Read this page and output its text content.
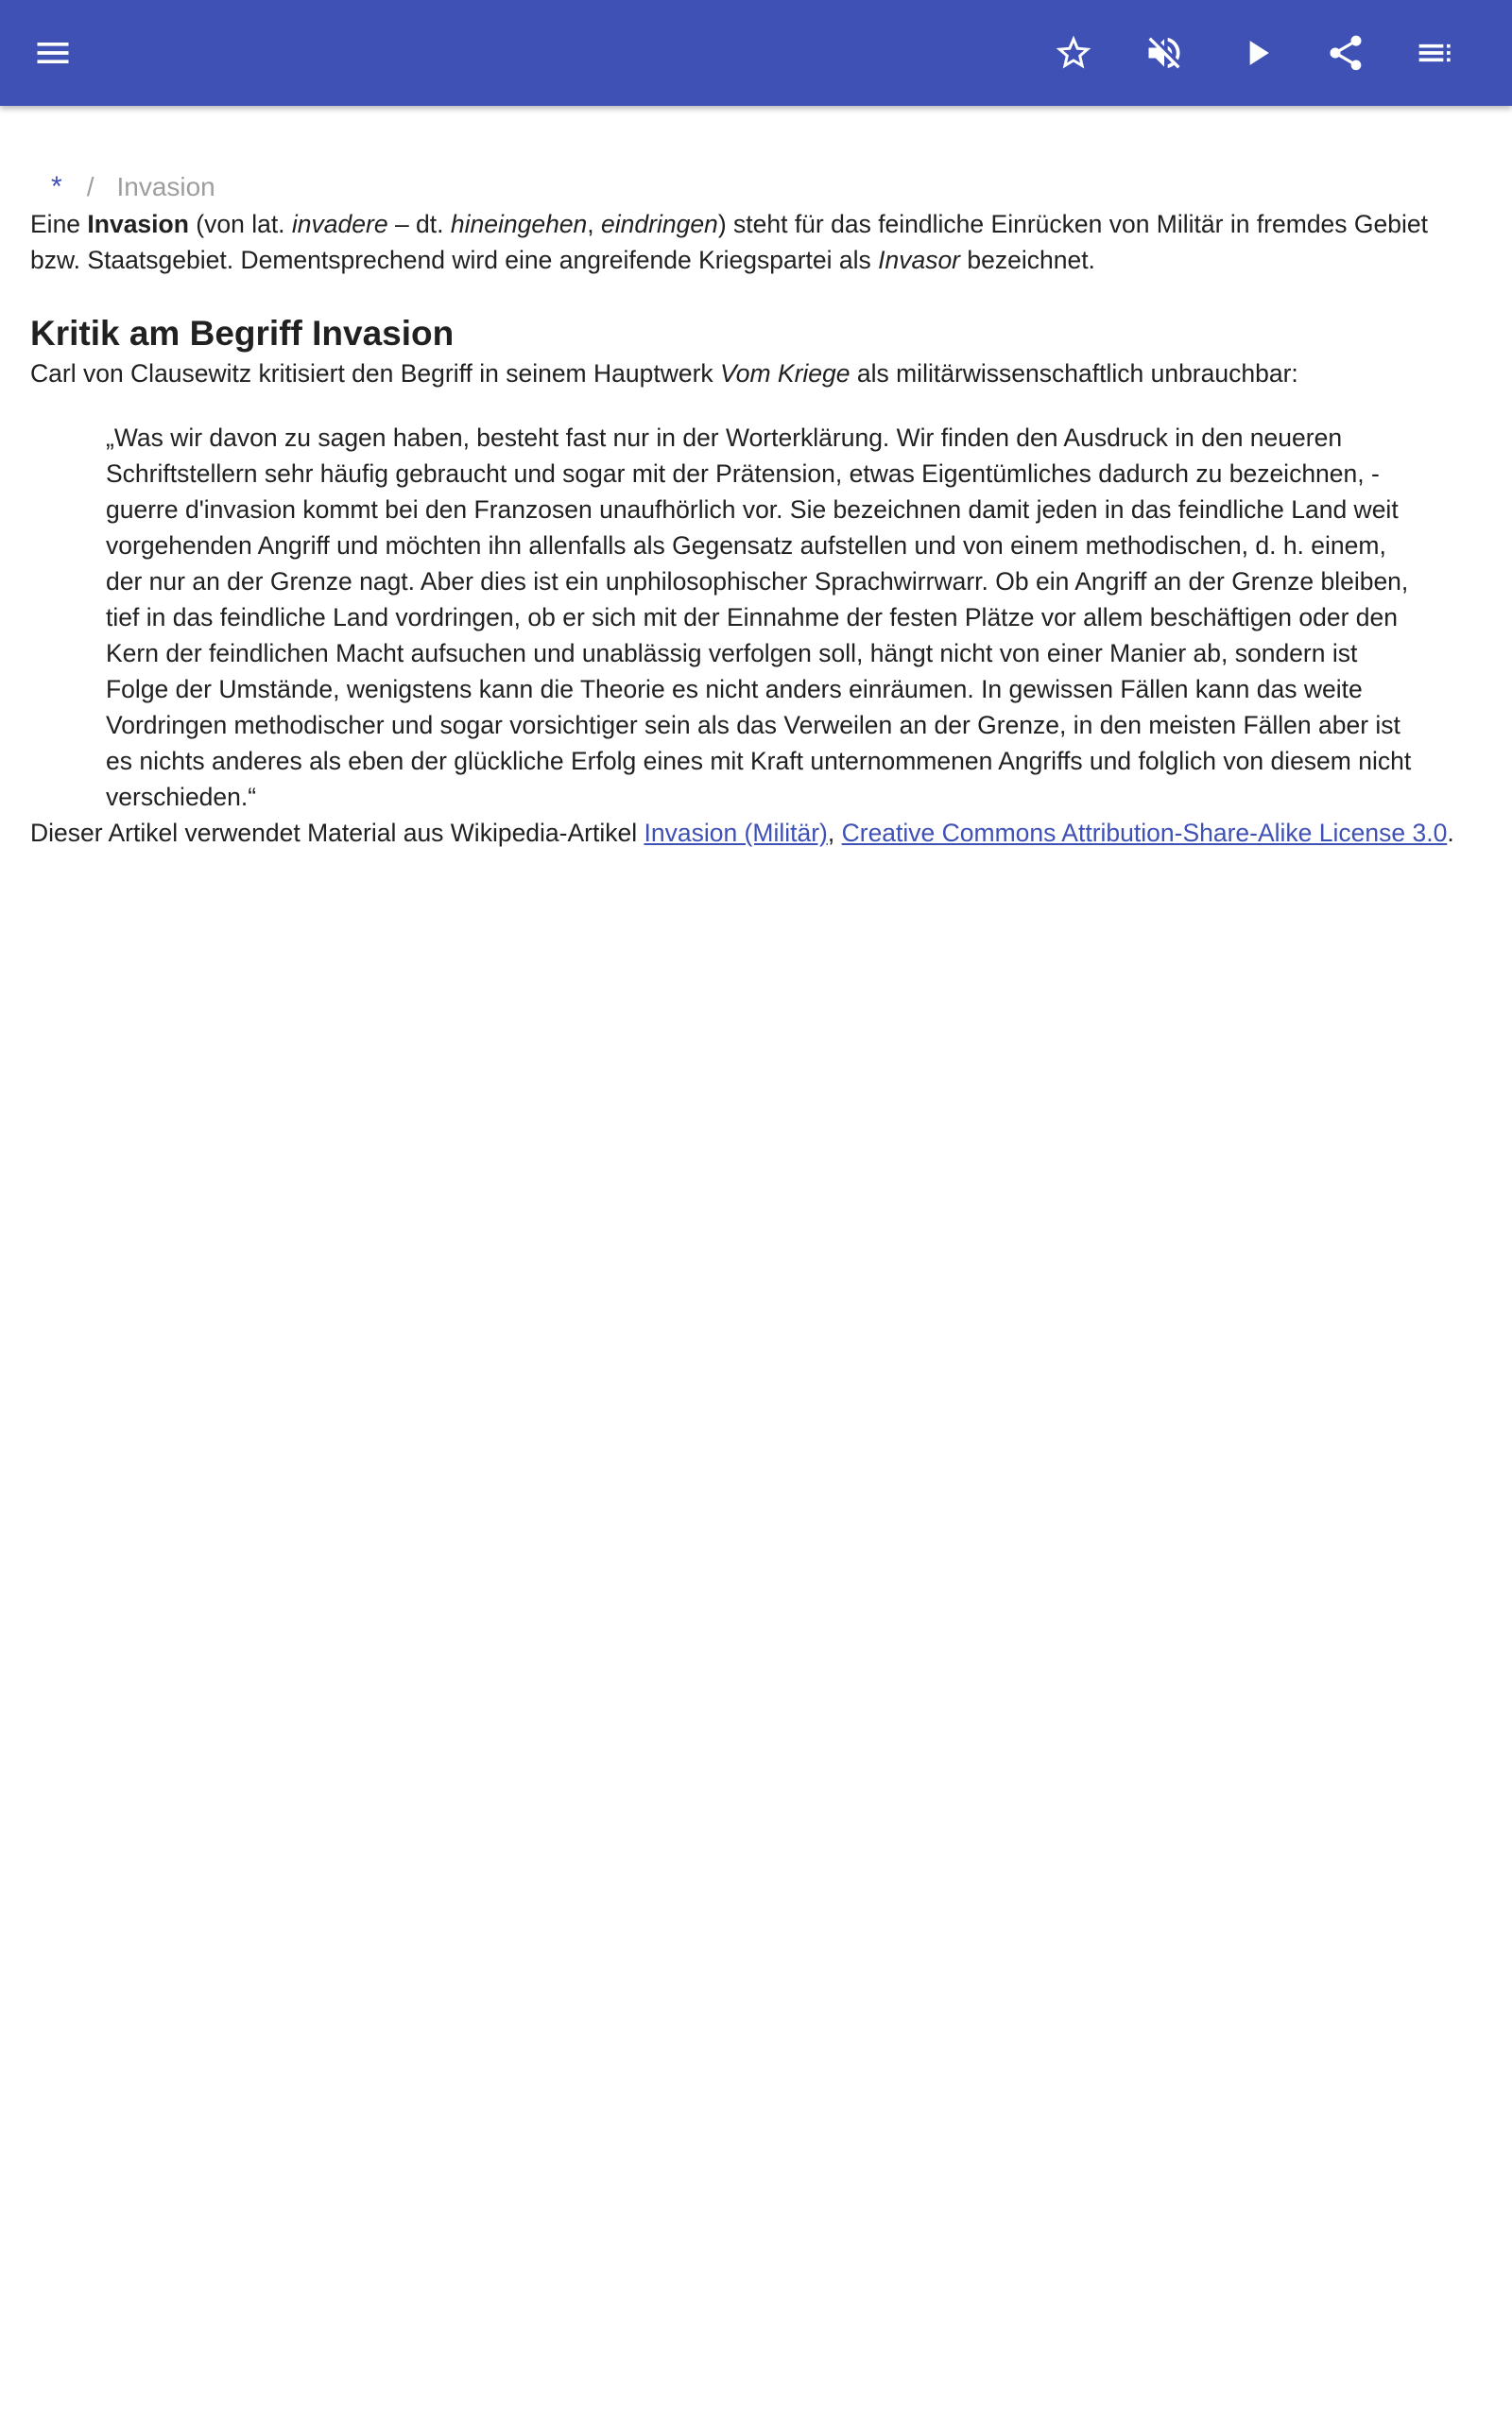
* / Invasion

Eine Invasion (von lat. invadere – dt. hineingehen, eindringen) steht für das feindliche Einrücken von Militär in fremdes Gebiet bzw. Staatsgebiet. Dementsprechend wird eine angreifende Kriegspartei als Invasor bezeichnet.

Kritik am Begriff Invasion

Carl von Clausewitz kritisiert den Begriff in seinem Hauptwerk Vom Kriege als militärwissenschaftlich unbrauchbar:

„Was wir davon zu sagen haben, besteht fast nur in der Worterklärung. Wir finden den Ausdruck in den neueren Schriftstellern sehr häufig gebraucht und sogar mit der Prätension, etwas Eigentümliches dadurch zu bezeichnen, - guerre d'invasion kommt bei den Franzosen unaufhörlich vor. Sie bezeichnen damit jeden in das feindliche Land weit vorgehenden Angriff und möchten ihn allenfalls als Gegensatz aufstellen und von einem methodischen, d. h. einem, der nur an der Grenze nagt. Aber dies ist ein unphilosophischer Sprachwirrwarr. Ob ein Angriff an der Grenze bleiben, tief in das feindliche Land vordringen, ob er sich mit der Einnahme der festen Plätze vor allem beschäftigen oder den Kern der feindlichen Macht aufsuchen und unablässig verfolgen soll, hängt nicht von einer Manier ab, sondern ist Folge der Umstände, wenigstens kann die Theorie es nicht anders einräumen. In gewissen Fällen kann das weite Vordringen methodischer und sogar vorsichtiger sein als das Verweilen an der Grenze, in den meisten Fällen aber ist es nichts anderes als eben der glückliche Erfolg eines mit Kraft unternommenen Angriffs und folglich von diesem nicht verschieden.“

Dieser Artikel verwendet Material aus Wikipedia-Artikel Invasion (Militär), Creative Commons Attribution-Share-Alike License 3.0.
